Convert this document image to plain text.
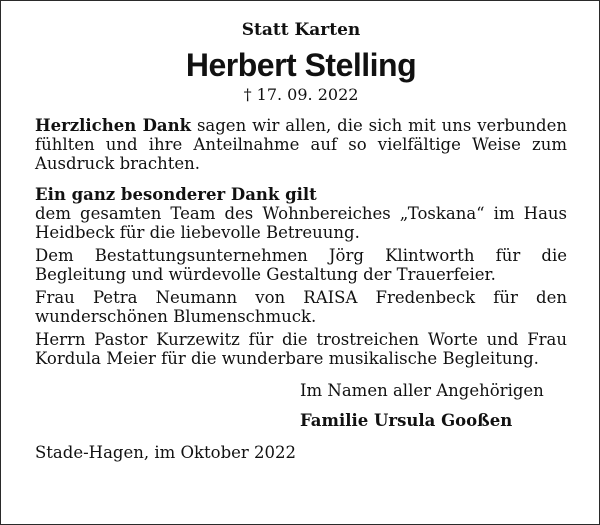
Statt Karten
Herbert Stelling
† 17. 09. 2022

Herzlichen Dank sagen wir allen, die sich mit uns verbunden fühlten und ihre Anteilnahme auf so vielfältige Weise zum Ausdruck brachten.

Ein ganz besonderer Dank gilt

dem gesamten Team des Wohnbereiches „Toskana“ im Haus Heidbeck für die liebevolle Betreuung.

Dem Bestattungsunternehmen Jörg Klintworth für die Begleitung und würdevolle Gestaltung der Trauerfeier.

Frau Petra Neumann von RAISA Fredenbeck für den wunderschönen Blumenschmuck.

Herrn Pastor Kurzewitz für die trostreichen Worte und Frau Kordula Meier für die wunderbare musikalische Begleitung.

Im Namen aller Angehörigen
Familie Ursula Gooßen
Stade-Hagen, im Oktober 2022
